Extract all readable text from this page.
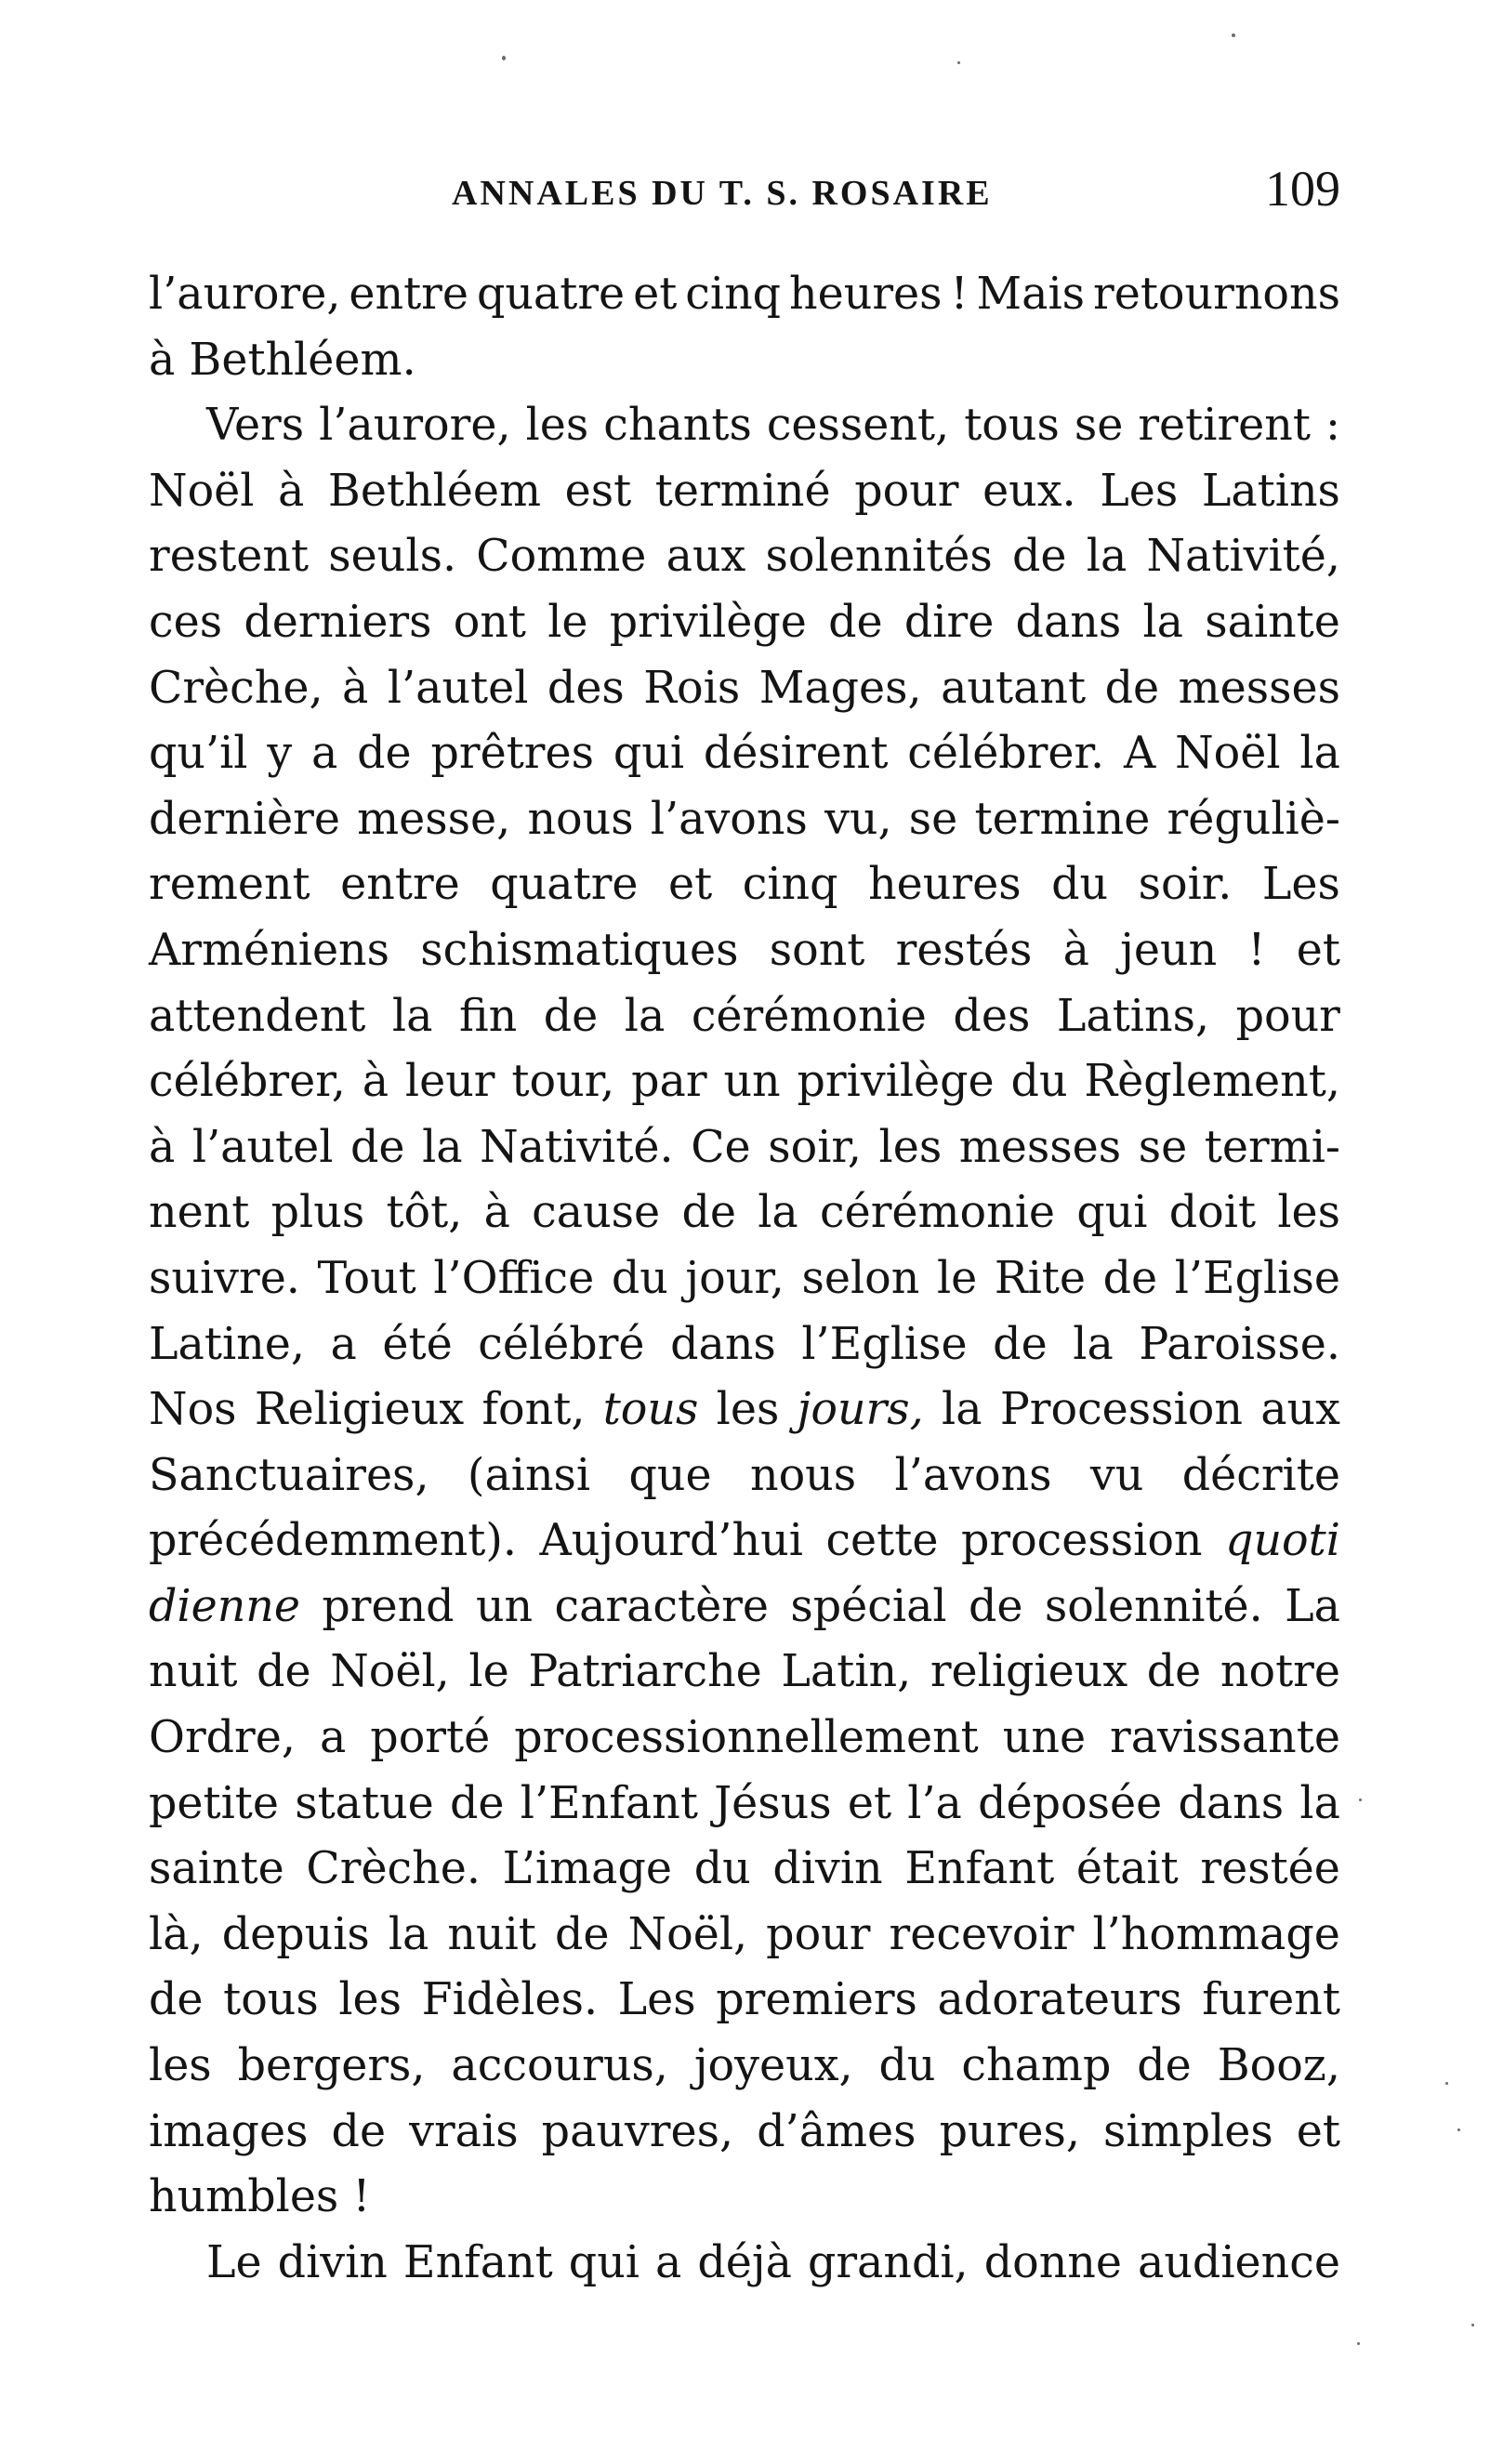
ANNALES DU T. S. ROSAIRE	109
l’aurore, entre quatre et cinq heures ! Mais retournons
à Bethléem.
Vers l’aurore, les chants cessent, tous se retirent :
Noël à Bethléem est terminé pour eux. Les Latins
restent seuls. Comme aux solennités de la Nativité,
ces derniers ont le privilège de dire dans la sainte
Crèche, à l’autel des Rois Mages, autant de messes
qu’il y a de prêtres qui désirent célébrer. A Noël la
dernière messe, nous l’avons vu, se termine réguliè-
rement entre quatre et cinq heures du soir. Les
Arméniens schismatiques sont restés à jeun ! et
attendent la fin de la cérémonie des Latins, pour
célébrer, à leur tour, par un privilège du Règlement,
à l’autel de la Nativité. Ce soir, les messes se termi-
nent plus tôt, à cause de la cérémonie qui doit les
suivre. Tout l’Office du jour, selon le Rite de l’Eglise
Latine, a été célébré dans l’Eglise de la Paroisse.
Nos Religieux font, tous les jours, la Procession aux
Sanctuaires, (ainsi que nous l’avons vu décrite
précédemment). Aujourd’hui cette procession quoti
dienne prend un caractère spécial de solennité. La
nuit de Noël, le Patriarche Latin, religieux de notre
Ordre, a porté processionnellement une ravissante
petite statue de l’Enfant Jésus et l’a déposée dans la
sainte Crèche. L’image du divin Enfant était restée
là, depuis la nuit de Noël, pour recevoir l’hommage
de tous les Fidèles. Les premiers adorateurs furent
les bergers, accourus, joyeux, du champ de Booz,
images de vrais pauvres, d’âmes pures, simples et
humbles !
Le divin Enfant qui a déjà grandi, donne audience
